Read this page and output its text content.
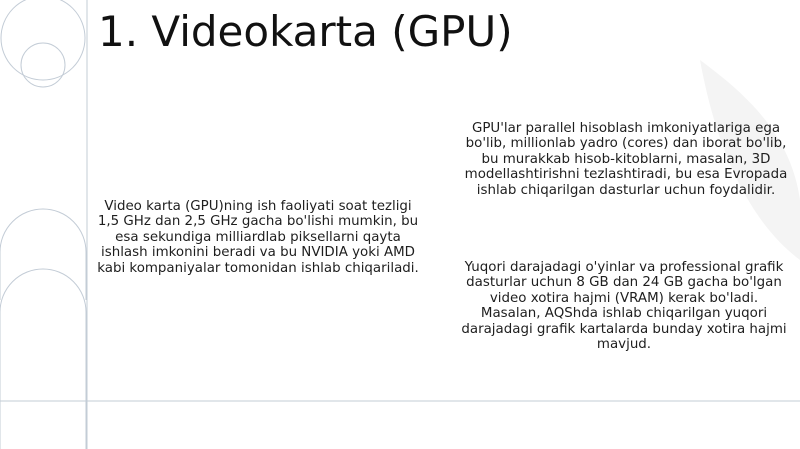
1. Videokarta (GPU)
Video karta (GPU)ning ish faoliyati soat tezligi 1,5 GHz dan 2,5 GHz gacha bo'lishi mumkin, bu esa sekundiga milliardlab piksellarni qayta ishlash imkonini beradi va bu NVIDIA yoki AMD kabi kompaniyalar tomonidan ishlab chiqariladi.
GPU'lar parallel hisoblash imkoniyatlariga ega bo'lib, millionlab yadro (cores) dan iborat bo'lib, bu murakkab hisob-kitoblarni, masalan, 3D modellashtirishni tezlashtiradi, bu esa Evropada ishlab chiqarilgan dasturlar uchun foydalidir.
Yuqori darajadagi o'yinlar va professional grafik dasturlar uchun 8 GB dan 24 GB gacha bo'lgan video xotira hajmi (VRAM) kerak bo'ladi. Masalan, AQShda ishlab chiqarilgan yuqori darajadagi grafik kartalarda bunday xotira hajmi mavjud.
